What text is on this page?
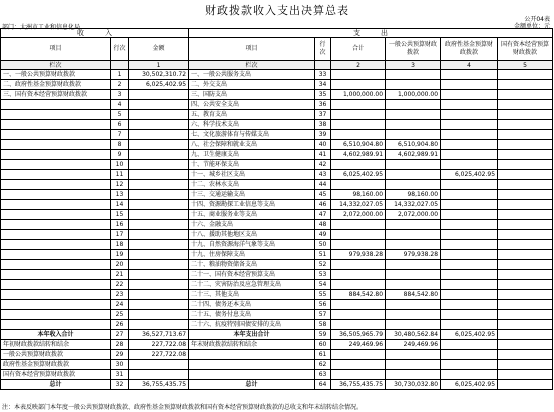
财政拨款收入支出决算总表
公开04表
金额单位：元
部门：大洲市工业和信息化局
收　　　入			支　　　出					
项目	行次	金额	项目	行次	合计	一般公共预算财政拨款	政府性基金预算财政拨款	国有资本经营预算财政拨款
栏次		1	栏次		2	3	4	5
一、一般公共预算财政拨款	1	30,502,310.72	一、一般公共服务支出	33				
二、政府性基金预算财政拨款	2	6,025,402.95	二、外交支出	34				
三、国有资本经营预算财政拨款	3		三、国防支出	35	1,000,000.00	1,000,000.00		
	4		四、公共安全支出	36				
	5		五、教育支出	37				
	6		六、科学技术支出	38				
	7		七、文化旅游体育与传媒支出	39				
	8		八、社会保障和就业支出	40	6,510,904.80	6,510,904.80		
	9		九、卫生健康支出	41	4,602,989.91	4,602,989.91		
	10		十、节能环保支出	42				
	11		十一、城乡社区支出	43	6,025,402.95		6,025,402.95	
	12		十二、农林水支出	44				
	13		十三、交通运输支出	45	98,160.00	98,160.00		
	14		十四、资源勘探工业信息等支出	46	14,332,027.05	14,332,027.05		
	15		十五、商业服务业等支出	47	2,072,000.00	2,072,000.00		
	16		十六、金融支出	48				
	17		十八、援助其他地区支出	49				
	18		十九、自然资源海洋气象等支出	50				
	19		十九、住房保障支出	51	979,938.28	979,938.28		
	20		二十、粮油物资储备支出	52				
	21		二十一、国有资本经营预算支出	53				
	22		二十二、灾害防治及应急管理支出	54				
	23		二十三、其他支出	55	884,542.80	884,542.80		
	24		二十四、债务还本支出	56				
	25		二十五、债务付息支出	57				
	26		二十六、抗疫特别国债安排的支出	58				
本年收入合计	27	36,527,713.67	本年支出合计	59	36,505,965.79	30,480,562.84	6,025,402.95	
年初财政拨款结转和结余	28	227,722.08	年末财政拨款结转和结余	60	249,469.96	249,469.96		
一般公共预算财政拨款	29	227,722.08		61				
政府性基金预算财政拨款	30			62				
国有资本经营预算财政拨款	31			63				
总计	32	36,755,435.75	总计	64	36,755,435.75	30,730,032.80	6,025,402.95	
注：本表反映部门本年度一般公共预算财政拨款、政府性基金预算财政拨款和国有资本经营预算财政拨款的总收支和年末结转结余情况。
